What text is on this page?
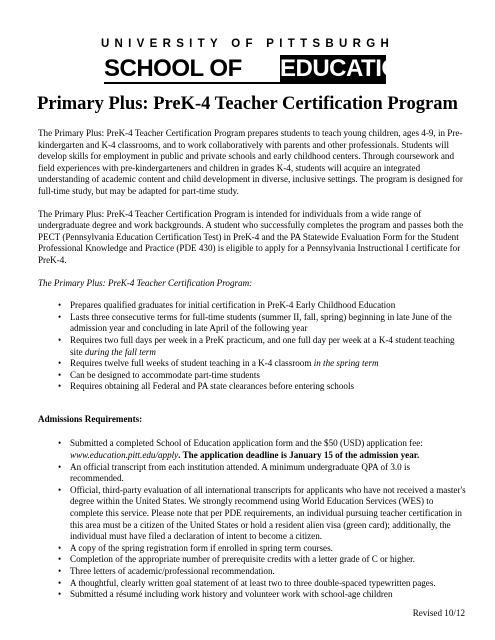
UNIVERSITY OF PITTSBURGH
SCHOOL OF EDUCATION
Primary Plus: PreK-4 Teacher Certification Program

The Primary Plus: PreK-4 Teacher Certification Program prepares students to teach young children, ages 4-9, in Pre-kindergarten and K-4 classrooms, and to work collaboratively with parents and other professionals. Students will develop skills for employment in public and private schools and early childhood centers. Through coursework and field experiences with pre-kindergarteners and children in grades K-4, students will acquire an integrated understanding of academic content and child development in diverse, inclusive settings. The program is designed for full-time study, but may be adapted for part-time study.

The Primary Plus: PreK-4 Teacher Certification Program is intended for individuals from a wide range of undergraduate degree and work backgrounds. A student who successfully completes the program and passes both the PECT (Pennsylvania Education Certification Test) in PreK-4 and the PA Statewide Evaluation Form for the Student Professional Knowledge and Practice (PDE 430) is eligible to apply for a Pennsylvania Instructional I certificate for PreK-4.

The Primary Plus: PreK-4 Teacher Certification Program:

• Prepares qualified graduates for initial certification in PreK-4 Early Childhood Education
• Lasts three consecutive terms for full-time students (summer II, fall, spring) beginning in late June of the admission year and concluding in late April of the following year
• Requires two full days per week in a PreK practicum, and one full day per week at a K-4 student teaching site during the fall term
• Requires twelve full weeks of student teaching in a K-4 classroom in the spring term
• Can be designed to accommodate part-time students
• Requires obtaining all Federal and PA state clearances before entering schools
Admissions Requirements:
• Submitted a completed School of Education application form and the $50 (USD) application fee: www.education.pitt.edu/apply. The application deadline is January 15 of the admission year.
• An official transcript from each institution attended. A minimum undergraduate QPA of 3.0 is recommended.
• Official, third-party evaluation of all international transcripts for applicants who have not received a master's degree within the United States. We strongly recommend using World Education Services (WES) to complete this service. Please note that per PDE requirements, an individual pursuing teacher certification in this area must be a citizen of the United States or hold a resident alien visa (green card); additionally, the individual must have filed a declaration of intent to become a citizen.
• A copy of the spring registration form if enrolled in spring term courses.
• Completion of the appropriate number of prerequisite credits with a letter grade of C or higher.
• Three letters of academic/professional recommendation.
• A thoughtful, clearly written goal statement of at least two to three double-spaced typewritten pages.
• Submitted a résumé including work history and volunteer work with school-age children
Revised 10/12
